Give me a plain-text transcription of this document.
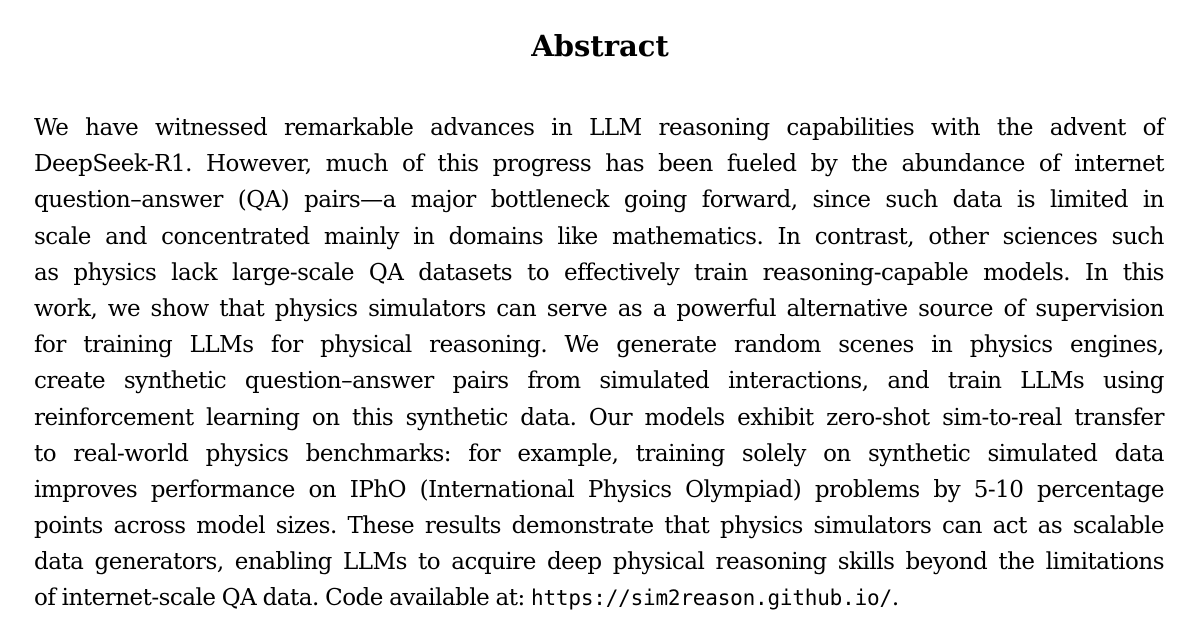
Abstract
We have witnessed remarkable advances in LLM reasoning capabilities with the advent of
DeepSeek-R1. However, much of this progress has been fueled by the abundance of internet
question–answer (QA) pairs—a major bottleneck going forward, since such data is limited in
scale and concentrated mainly in domains like mathematics. In contrast, other sciences such
as physics lack large-scale QA datasets to effectively train reasoning-capable models. In this
work, we show that physics simulators can serve as a powerful alternative source of supervision
for training LLMs for physical reasoning. We generate random scenes in physics engines,
create synthetic question–answer pairs from simulated interactions, and train LLMs using
reinforcement learning on this synthetic data. Our models exhibit zero-shot sim-to-real transfer
to real-world physics benchmarks: for example, training solely on synthetic simulated data
improves performance on IPhO (International Physics Olympiad) problems by 5-10 percentage
points across model sizes. These results demonstrate that physics simulators can act as scalable
data generators, enabling LLMs to acquire deep physical reasoning skills beyond the limitations
of internet-scale QA data. Code available at: https://sim2reason.github.io/.
